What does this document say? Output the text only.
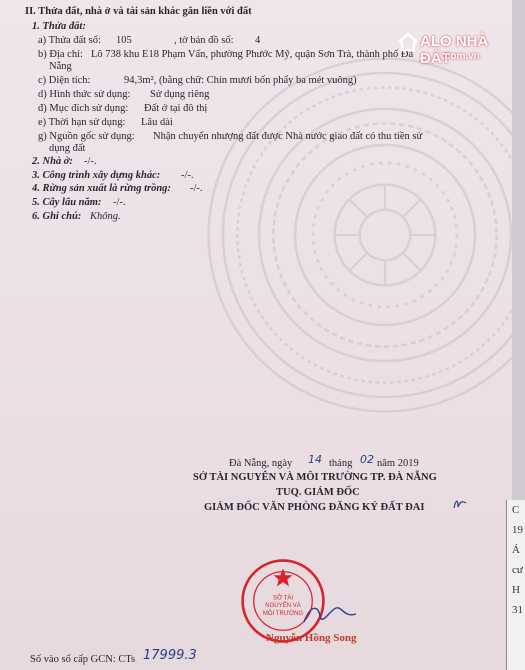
II. Thửa đất, nhà ở và tài sản khác gắn liền với đất
1. Thửa đất:
a) Thửa đất số: 105	, tờ bản đồ số: 4
b) Địa chỉ: Lô 738 khu E18 Phạm Vấn, phường Phước Mỹ, quận Sơn Trà, thành phố Đà
Nẵng
c) Diện tích:	94,3m², (bằng chữ: Chín mươi bốn phẩy ba mét vuông)
d) Hình thức sử dụng: Sử dụng riêng
đ) Mục đích sử dụng: Đất ở tại đô thị
e) Thời hạn sử dụng: Lâu dài
g) Nguồn gốc sử dụng: Nhận chuyển nhượng đất được Nhà nước giao đất có thu tiền sử
dụng đất
2. Nhà ở: -/-.
3. Công trình xây dựng khác: -/-.
4. Rừng sản xuất là rừng trồng: -/-.
5. Cây lâu năm: -/-.
6. Ghi chú: Không.
Đà Nẵng, ngày 14 tháng 02 năm 2019
SỞ TÀI NGUYÊN VÀ MÔI TRƯỜNG TP. ĐÀ NẴNG
TUQ. GIÁM ĐỐC
GIÁM ĐỐC VĂN PHÒNG ĐĂNG KÝ ĐẤT ĐAI
SỞ TÀI
NGUYÊN VÀ
MÔI TRƯỜNG
Nguyễn Hồng Song
Số vào sổ cấp GCN: CTs 17999.3
ALO NHÀ ĐẤT
.com.vn
C
19
Á
cư
H
31
